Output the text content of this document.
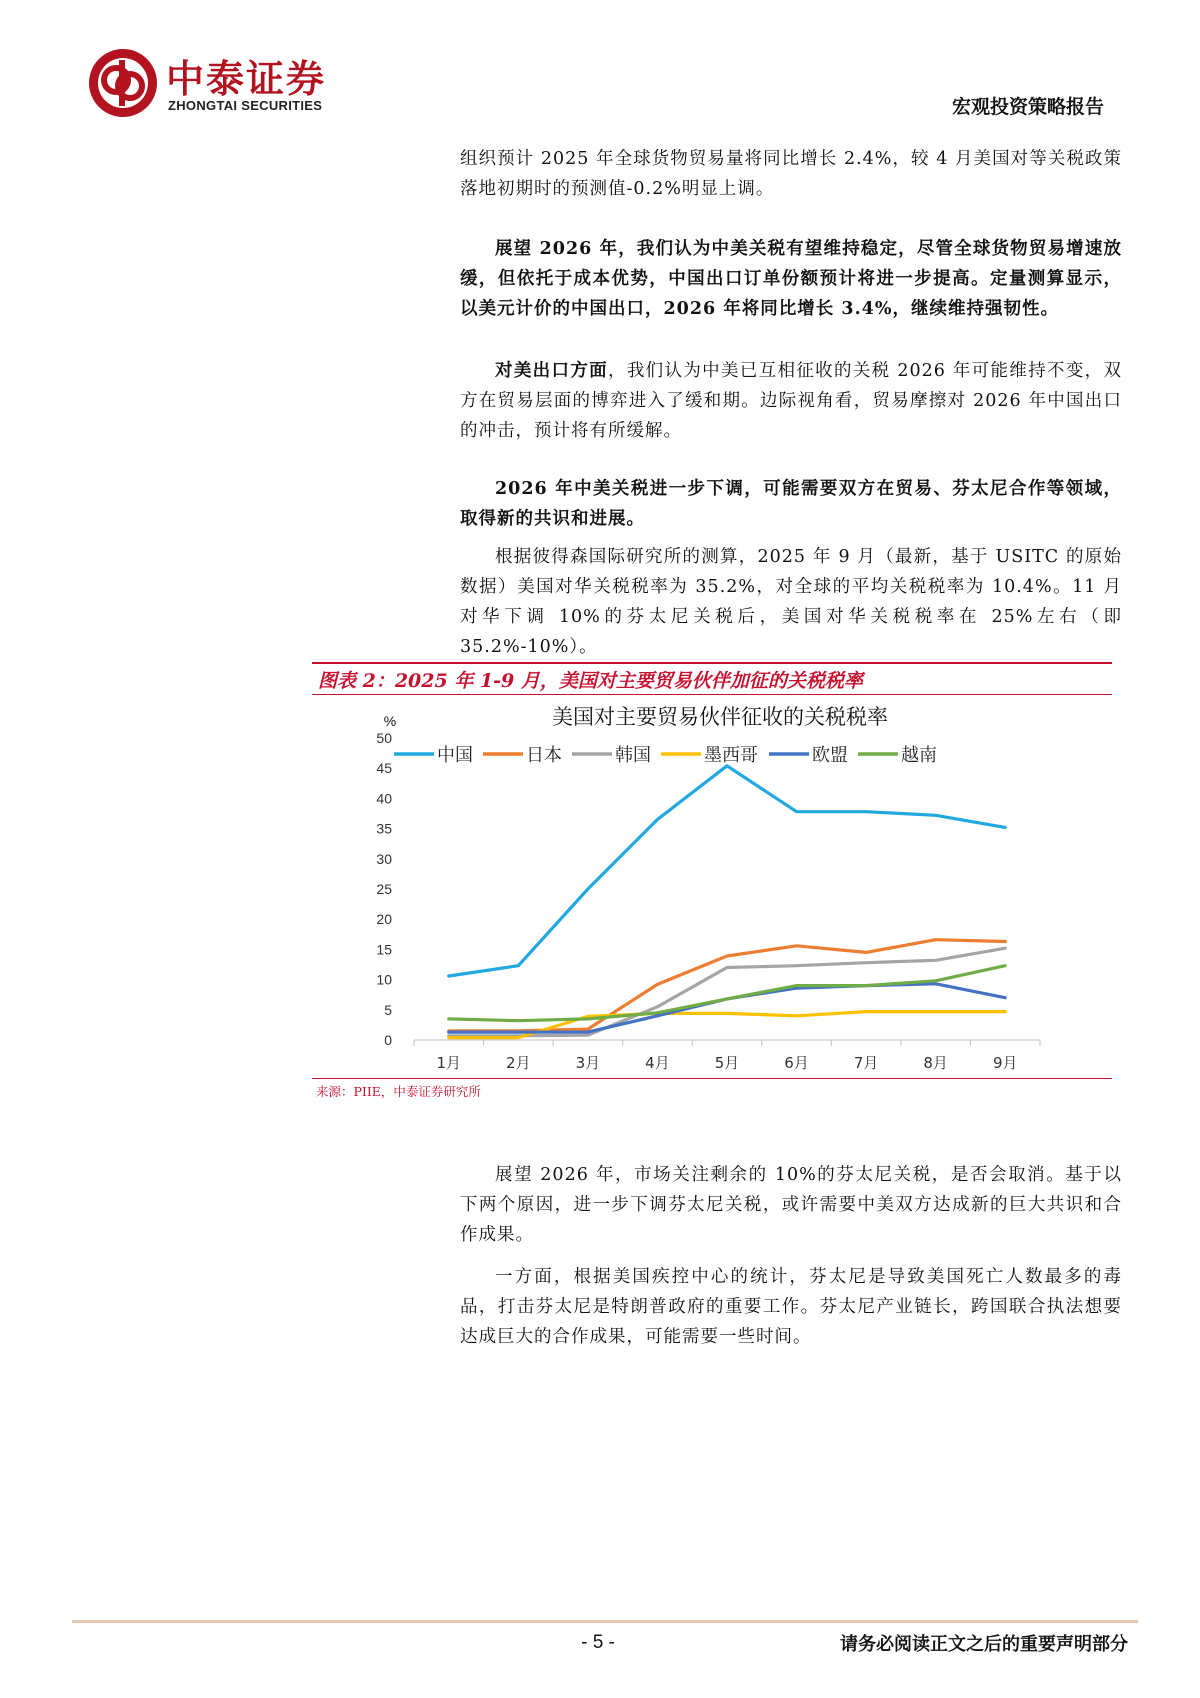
中泰证券
ZHONGTAI SECURITIES	宏观投资策略报告
组织预计 2025 年全球货物贸易量将同比增长 2.4%，较 4 月美国对等关税政策落地初期时的预测值-0.2%明显上调。
展望 2026 年，我们认为中美关税有望维持稳定，尽管全球货物贸易增速放缓，但依托于成本优势，中国出口订单份额预计将进一步提高。定量测算显示，以美元计价的中国出口，2026 年将同比增长 3.4%，继续维持强韧性。
对美出口方面，我们认为中美已互相征收的关税 2026 年可能维持不变，双方在贸易层面的博弈进入了缓和期。边际视角看，贸易摩擦对 2026 年中国出口的冲击，预计将有所缓解。
2026 年中美关税进一步下调，可能需要双方在贸易、芬太尼合作等领域，取得新的共识和进展。
根据彼得森国际研究所的测算，2025 年 9 月（最新，基于 USITC 的原始数据）美国对华关税税率为 35.2%，对全球的平均关税税率为 10.4%。11 月对华下调 10%的芬太尼关税后，美国对华关税税率在 25%左右（即 35.2%-10%）。
图表 2：2025 年 1-9 月，美国对主要贸易伙伴加征的关税税率
美国对主要贸易伙伴征收的关税税率
%
0
5
10
15
20
25
30
35
40
45
50
1月	2月	3月	4月	5月	6月	7月	8月	9月
中国	日本	韩国	墨西哥	欧盟	越南
来源：PIIE，中泰证券研究所
展望 2026 年，市场关注剩余的 10%的芬太尼关税，是否会取消。基于以下两个原因，进一步下调芬太尼关税，或许需要中美双方达成新的巨大共识和合作成果。
一方面，根据美国疾控中心的统计，芬太尼是导致美国死亡人数最多的毒品，打击芬太尼是特朗普政府的重要工作。芬太尼产业链长，跨国联合执法想要达成巨大的合作成果，可能需要一些时间。
- 5 -	请务必阅读正文之后的重要声明部分
